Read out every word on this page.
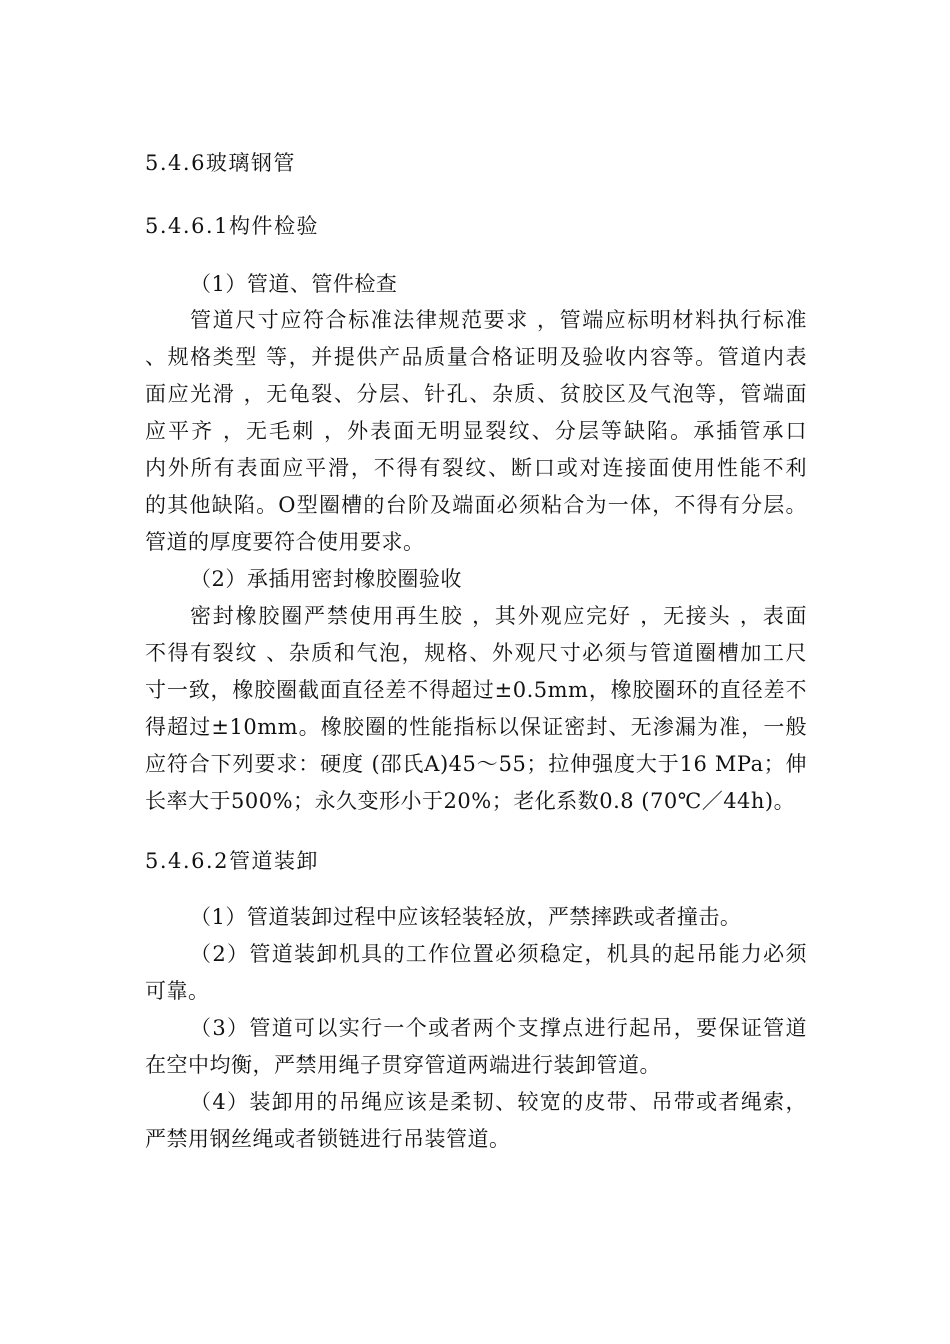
5.4.6玻璃钢管
5.4.6.1构件检验
（1）管道、管件检查
管道尺寸应符合标准法律规范要求 ，管端应标明材料执行标准
、规格类型 等，并提供产品质量合格证明及验收内容等。管道内表
面应光滑 ，无龟裂、分层、针孔、杂质、贫胶区及气泡等，管端面
应平齐 ，无毛刺 ，外表面无明显裂纹、分层等缺陷。承插管承口
内外所有表面应平滑，不得有裂纹、断口或对连接面使用性能不利
的其他缺陷。O型圈槽的台阶及端面必须粘合为一体，不得有分层。
管道的厚度要符合使用要求。
（2）承插用密封橡胶圈验收
密封橡胶圈严禁使用再生胶 ，其外观应完好 ，无接头 ，表面
不得有裂纹 、杂质和气泡，规格、外观尺寸必须与管道圈槽加工尺
寸一致，橡胶圈截面直径差不得超过±0.5mm，橡胶圈环的直径差不
得超过±10mm。橡胶圈的性能指标以保证密封、无渗漏为准，一般
应符合下列要求：硬度 (邵氏A)45～55；拉伸强度大于16 MPa；伸
长率大于500%；永久变形小于20%；老化系数0.8 (70℃／44h)。
5.4.6.2管道装卸
（1）管道装卸过程中应该轻装轻放，严禁摔跌或者撞击。
（2）管道装卸机具的工作位置必须稳定，机具的起吊能力必须
可靠。
（3）管道可以实行一个或者两个支撑点进行起吊，要保证管道
在空中均衡，严禁用绳子贯穿管道两端进行装卸管道。
（4）装卸用的吊绳应该是柔韧、较宽的皮带、吊带或者绳索，
严禁用钢丝绳或者锁链进行吊装管道。
